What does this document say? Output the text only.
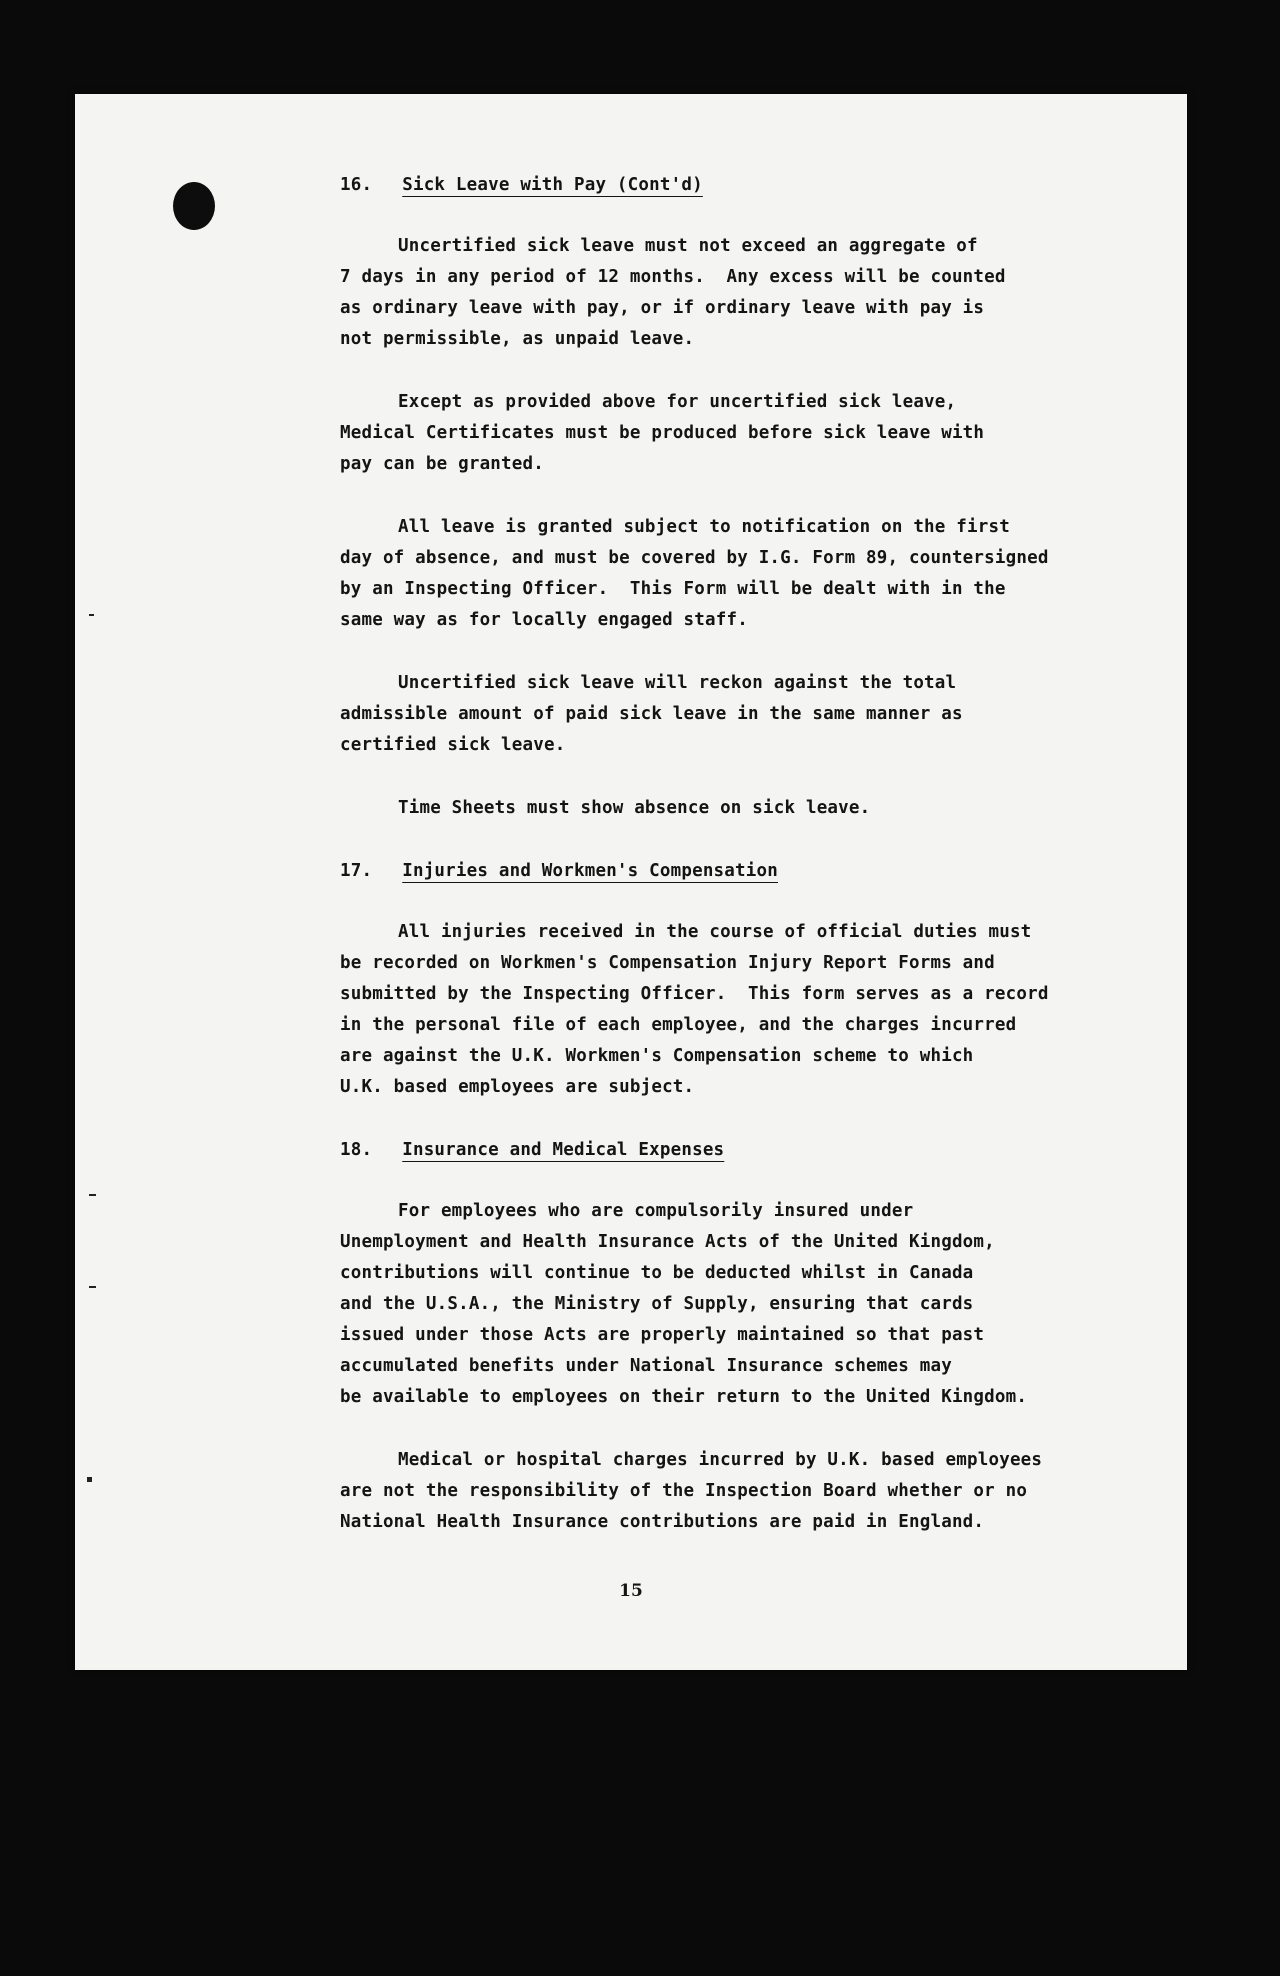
16. Sick Leave with Pay (Cont'd)
Uncertified sick leave must not exceed an aggregate of
7 days in any period of 12 months.  Any excess will be counted
as ordinary leave with pay, or if ordinary leave with pay is
not permissible, as unpaid leave.
Except as provided above for uncertified sick leave,
Medical Certificates must be produced before sick leave with
pay can be granted.
All leave is granted subject to notification on the first
day of absence, and must be covered by I.G. Form 89, countersigned
by an Inspecting Officer.  This Form will be dealt with in the
same way as for locally engaged staff.
Uncertified sick leave will reckon against the total
admissible amount of paid sick leave in the same manner as
certified sick leave.
Time Sheets must show absence on sick leave.
17. Injuries and Workmen's Compensation
All injuries received in the course of official duties must
be recorded on Workmen's Compensation Injury Report Forms and
submitted by the Inspecting Officer.  This form serves as a record
in the personal file of each employee, and the charges incurred
are against the U.K. Workmen's Compensation scheme to which
U.K. based employees are subject.
18. Insurance and Medical Expenses
For employees who are compulsorily insured under
Unemployment and Health Insurance Acts of the United Kingdom,
contributions will continue to be deducted whilst in Canada
and the U.S.A., the Ministry of Supply, ensuring that cards
issued under those Acts are properly maintained so that past
accumulated benefits under National Insurance schemes may
be available to employees on their return to the United Kingdom.
Medical or hospital charges incurred by U.K. based employees
are not the responsibility of the Inspection Board whether or no
National Health Insurance contributions are paid in England.
15
